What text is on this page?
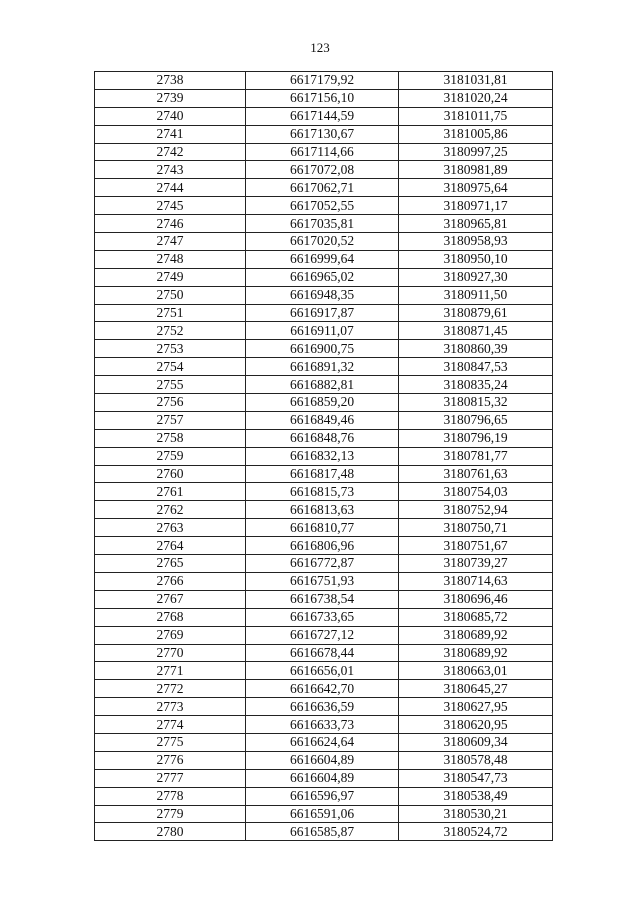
123
2738	6617179,92	3181031,81
2739	6617156,10	3181020,24
2740	6617144,59	3181011,75
2741	6617130,67	3181005,86
2742	6617114,66	3180997,25
2743	6617072,08	3180981,89
2744	6617062,71	3180975,64
2745	6617052,55	3180971,17
2746	6617035,81	3180965,81
2747	6617020,52	3180958,93
2748	6616999,64	3180950,10
2749	6616965,02	3180927,30
2750	6616948,35	3180911,50
2751	6616917,87	3180879,61
2752	6616911,07	3180871,45
2753	6616900,75	3180860,39
2754	6616891,32	3180847,53
2755	6616882,81	3180835,24
2756	6616859,20	3180815,32
2757	6616849,46	3180796,65
2758	6616848,76	3180796,19
2759	6616832,13	3180781,77
2760	6616817,48	3180761,63
2761	6616815,73	3180754,03
2762	6616813,63	3180752,94
2763	6616810,77	3180750,71
2764	6616806,96	3180751,67
2765	6616772,87	3180739,27
2766	6616751,93	3180714,63
2767	6616738,54	3180696,46
2768	6616733,65	3180685,72
2769	6616727,12	3180689,92
2770	6616678,44	3180689,92
2771	6616656,01	3180663,01
2772	6616642,70	3180645,27
2773	6616636,59	3180627,95
2774	6616633,73	3180620,95
2775	6616624,64	3180609,34
2776	6616604,89	3180578,48
2777	6616604,89	3180547,73
2778	6616596,97	3180538,49
2779	6616591,06	3180530,21
2780	6616585,87	3180524,72
